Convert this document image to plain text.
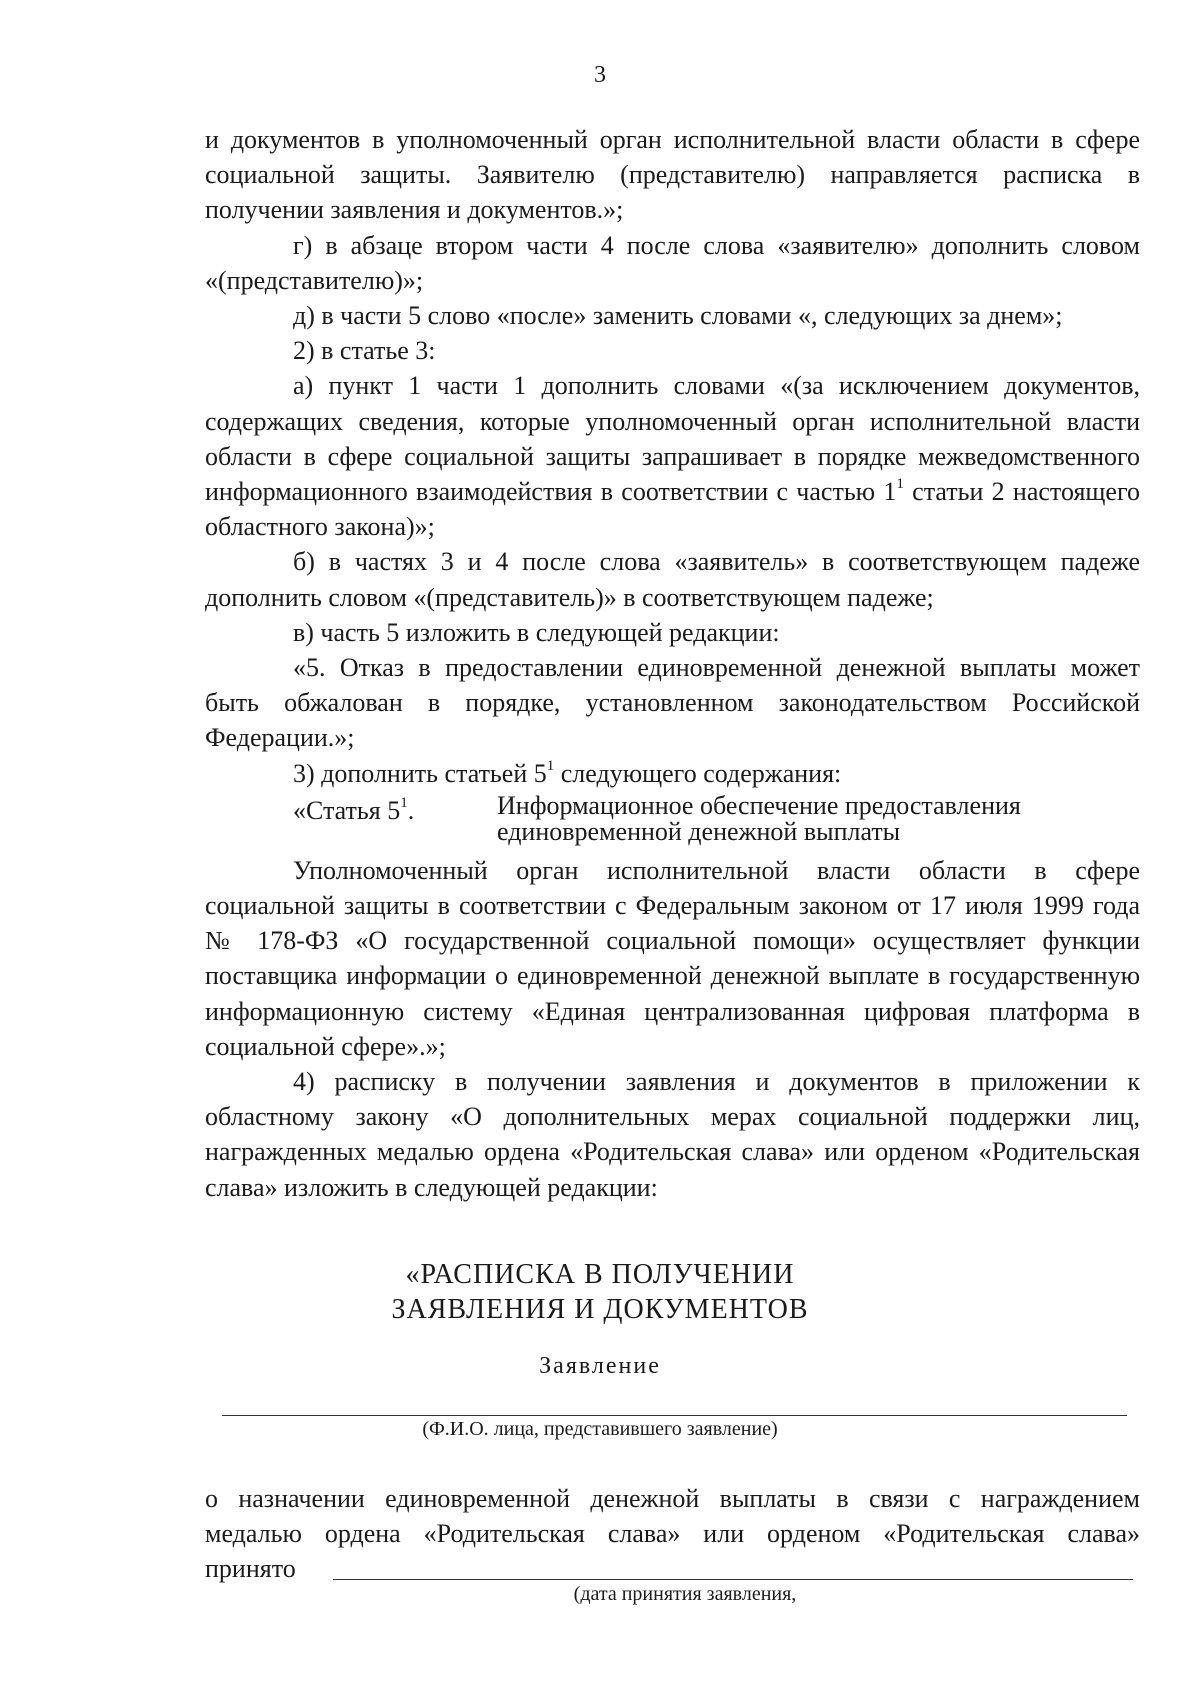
3

и документов в уполномоченный орган исполнительной власти области в сфере социальной защиты. Заявителю (представителю) направляется расписка в получении заявления и документов.»;

г) в абзаце втором части 4 после слова «заявителю» дополнить словом «(представителю)»;

д) в части 5 слово «после» заменить словами «, следующих за днем»;

2) в статье 3:

а) пункт 1 части 1 дополнить словами «(за исключением документов, содержащих сведения, которые уполномоченный орган исполнительной власти области в сфере социальной защиты запрашивает в порядке межведомственного информационного взаимодействия в соответствии с частью $1^1$ статьи 2 настоящего областного закона)»;

б) в частях 3 и 4 после слова «заявитель» в соответствующем падеже дополнить словом «(представитель)» в соответствующем падеже;

в) часть 5 изложить в следующей редакции:

«5. Отказ в предоставлении единовременной денежной выплаты может быть обжалован в порядке, установленном законодательством Российской Федерации.»;

3) дополнить статьей $5^1$ следующего содержания:

«Статья $5^1$.	Информационное обеспечение предоставления
единовременной денежной выплаты

Уполномоченный орган исполнительной власти области в сфере социальной защиты в соответствии с Федеральным законом от 17 июля 1999 года № 178-ФЗ «О государственной социальной помощи» осуществляет функции поставщика информации о единовременной денежной выплате в государственную информационную систему «Единая централизованная цифровая платформа в социальной сфере».»;

4) расписку в получении заявления и документов в приложении к областному закону «О дополнительных мерах социальной поддержки лиц, награжденных медалью ордена «Родительская слава» или орденом «Родительская слава» изложить в следующей редакции:

«РАСПИСКА В ПОЛУЧЕНИИ
ЗАЯВЛЕНИЯ И ДОКУМЕНТОВ
Заявление
(Ф.И.О. лица, представившего заявление)

о назначении единовременной денежной выплаты в связи с награждением

медалью ордена «Родительская слава» или орденом «Родительская слава»

принято
(дата принятия заявления,
